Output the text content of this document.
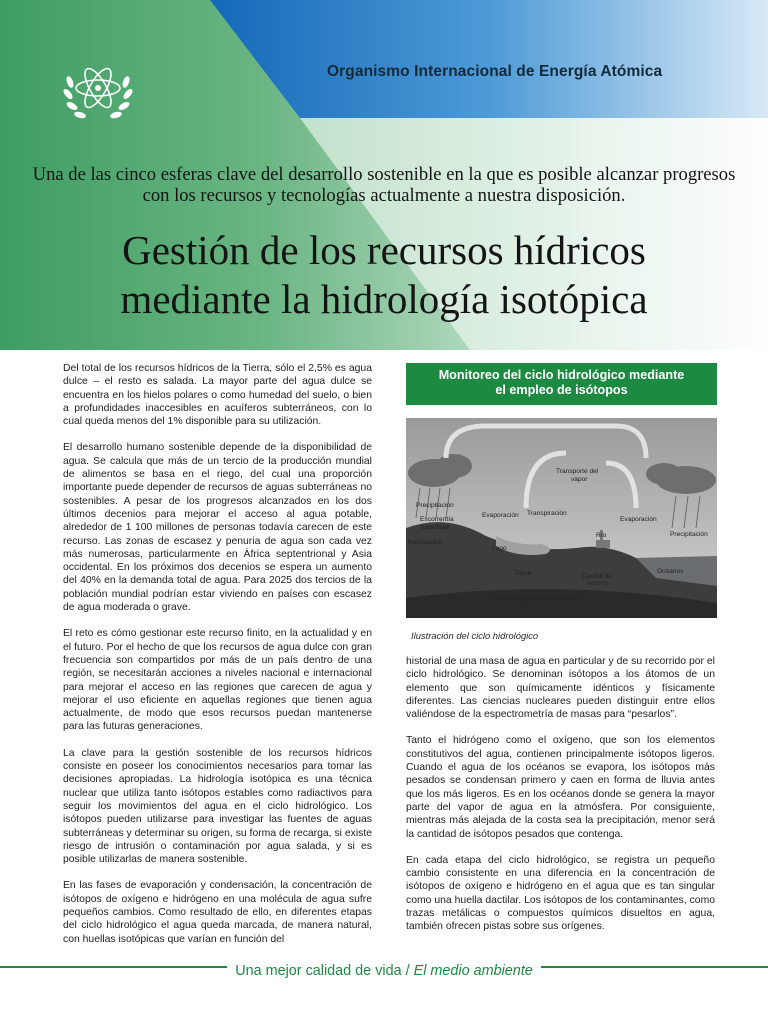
Organismo Internacional de Energía Atómica
Una de las cinco esferas clave del desarrollo sostenible en la que es posible alcanzar progresos con los recursos y tecnologías actualmente a nuestra disposición.
Gestión de los recursos hídricos
mediante la hidrología isotópica

Del total de los recursos hídricos de la Tierra, sólo el 2,5% es agua dulce – el resto es salada. La mayor parte del agua dulce se encuentra en los hielos polares o como humedad del suelo, o bien a profundidades inaccesibles en acuíferos subterráneos, con lo cual queda menos del 1% disponible para su utilización.

El desarrollo humano sostenible depende de la disponibilidad de agua. Se calcula que más de un tercio de la producción mundial de alimentos se basa en el riego, del cual una proporción importante puede depender de recursos de aguas subterráneas no sostenibles. A pesar de los progresos alcanzados en los dos últimos decenios para mejorar el acceso al agua potable, alrededor de 1 100 millones de personas todavía carecen de este recurso. Las zonas de escasez y penuria de agua son cada vez más numerosas, particularmente en África septentrional y Asia occidental. En los próximos dos decenios se espera un aumento del 40% en la demanda total de agua. Para 2025 dos tercios de la población mundial podrían estar viviendo en países con escasez de agua moderada o grave.

El reto es cómo gestionar este recurso finito, en la actualidad y en el futuro. Por el hecho de que los recursos de agua dulce con gran frecuencia son compartidos por más de un país dentro de una región, se necesitarán acciones a niveles nacional e internacional para mejorar el acceso en las regiones que carecen de agua y mejorar el uso eficiente en aquellas regiones que tienen agua actualmente, de modo que esos recursos puedan mantenerse para las futuras generaciones.

La clave para la gestión sostenible de los recursos hídricos consiste en poseer los conocimientos necesarios para tomar las decisiones apropiadas. La hidrología isotópica es una técnica nuclear que utiliza tanto isótopos estables como radiactivos para seguir los movimientos del agua en el ciclo hidrológico. Los isótopos pueden utilizarse para investigar las fuentes de aguas subterráneas y determinar su origen, su forma de recarga, si existe riesgo de intrusión o contaminación por agua salada, y si es posible utilizarlas de manera sostenible.

En las fases de evaporación y condensación, la concentración de isótopos de oxígeno e hidrógeno en una molécula de agua sufre pequeños cambios. Como resultado de ello, en diferentes etapas del ciclo hidrológico el agua queda marcada, de manera natural, con huellas isotópicas que varían en función del

Monitoreo del ciclo hidrológico mediante
el empleo de isótopos
Transporte del
vapor
Precipitación
Escorrentía
superficial
Evaporación Transpiración
Evaporación
Precipitación
Percolación
Lago
Río
Tierra	Caudal de
retorno
Océanos
Flujo de aguas subterráneas
Ilustración del ciclo hidrológico

historial de una masa de agua en particular y de su recorrido por el ciclo hidrológico. Se denominan isótopos a los átomos de un elemento que son químicamente idénticos y físicamente diferentes. Las ciencias nucleares pueden distinguir entre ellos valiéndose de la espectrometría de masas para “pesarlos”.

Tanto el hidrógeno como el oxígeno, que son los elementos constitutivos del agua, contienen principalmente isótopos ligeros. Cuando el agua de los océanos se evapora, los isótopos más pesados se condensan primero y caen en forma de lluvia antes que los más ligeros. Es en los océanos donde se genera la mayor parte del vapor de agua en la atmósfera. Por consiguiente, mientras más alejada de la costa sea la precipitación, menor será la cantidad de isótopos pesados que contenga.

En cada etapa del ciclo hidrológico, se registra un pequeño cambio consistente en una diferencia en la concentración de isótopos de oxígeno e hidrógeno en el agua que es tan singular como una huella dactilar. Los isótopos de los contaminantes, como trazas metálicas o compuestos químicos disueltos en agua, también ofrecen pistas sobre sus orígenes.

Una mejor calidad de vida / El medio ambiente
